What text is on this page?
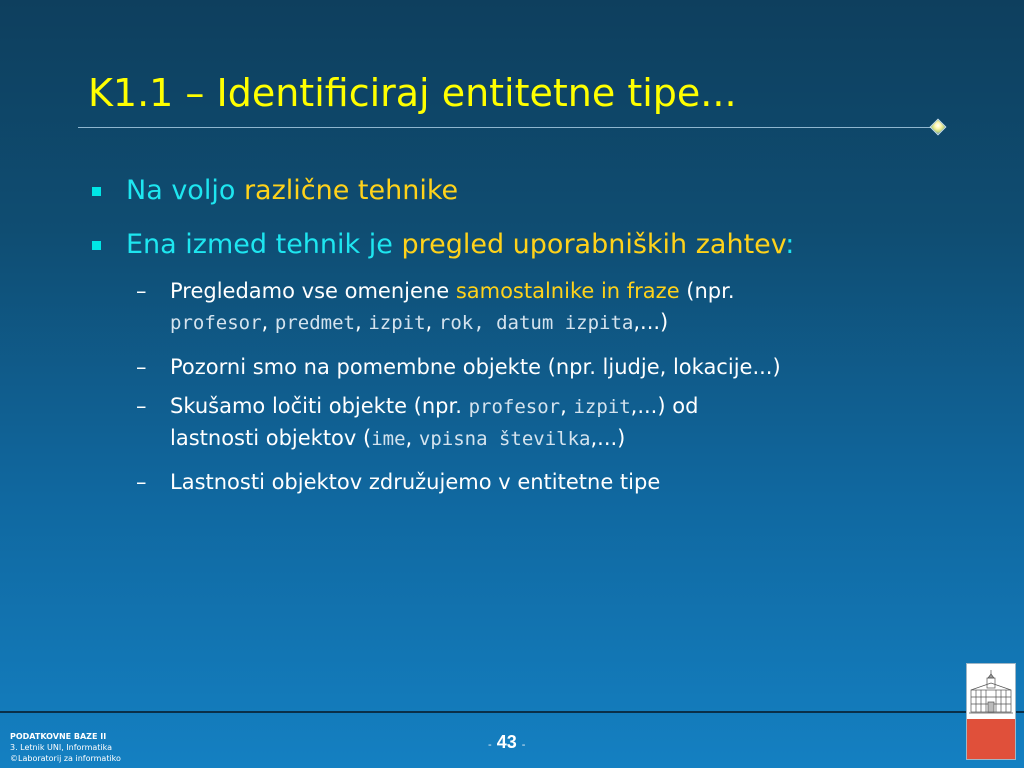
K1.1 – Identificiraj entitetne tipe...
Na voljo različne tehnike
Ena izmed tehnik je pregled uporabniških zahtev:
– Pregledamo vse omenjene samostalnike in fraze (npr.
profesor, predmet, izpit, rok, datum izpita,...)
– Pozorni smo na pomembne objekte (npr. ljudje, lokacije...)
– Skušamo ločiti objekte (npr. profesor, izpit,...) od
lastnosti objektov (ime, vpisna številka,...)
– Lastnosti objektov združujemo v entitetne tipe
PODATKOVNE BAZE II
3. Letnik UNI, Informatika
©Laboratorij za informatiko
- 43 -
